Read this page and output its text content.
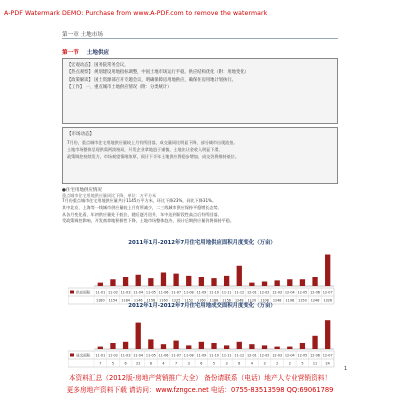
A-PDF Watermark DEMO: Purchase from www.A-PDF.com to remove the watermark
第一章 土地市场
第一节 土地供应
【宏观动态】 国务院常务会议，
【热点观察】 规划建设用地指标调整，中国土地市场运行平稳，供应结构优化（附：用地变化）
【政策解读】 国土资源部召开专题会议，明确保障房用地供应，确保住房用地计划执行。
【工作】 一、重点城市土地供应情况（附：分类统计）
【市场动态】
7月份，重点城市住宅用地供应量较上月有所回落，成交量同比明显下降，部分城市出现流拍。
土地市场整体呈现供需两淡格局，开发企业拿地趋于谨慎，土地出让金收入明显下滑，
政策调控持续发力，市场观望情绪浓厚，预计下半年土地供应将稳步增加，成交仍将维持低位。
●住宅用地供应情况
重点城市住宅用地供应量同比下降，单位：万平方米
7月份重点城市住宅用地供应量共计1145万平方米，环比下降23%，同比下降31%。
其中北京、上海等一线城市供应量较上月有所减少，二三线城市供应保持平稳增长态势。
从各月变化看，年初供应量处于低位，随后逐月回升，年中达到阶段性高点后有所回落，
受政策调控影响，开发商拿地积极性下降，土地市场整体趋冷，预计后期供应量仍将保持平稳。
2011年1月-2012年7月住宅用地供应面积月度变化（万亩）
供应面积 11-01
1180
11-02
1154
11-03
1184
11-04
1146
11-05
1156
11-06
1160
11-07
1225
11-08
1152
11-09
1160
11-10
1188
11-11
1156
11-12
1248
12-01
1120
12-02
1108
12-03
1248
12-04
1198
12-05
1150
12-06
1248
12-07
1326
2012年1月-2012年7月住宅用地成交面积月度变化（万亩）
成交面积 11-01
7
11-02
5
11-03
6
11-04
22
11-05
8
11-06
4
11-07
7
11-08
3
11-09
6
11-10
5
11-11
3
11-12
6
12-01
4
12-02
3
12-03
2
12-04
2
12-05
5
12-06
11
12-07
24
1
本资料汇总（2012版-房地产营销推广大全） 备份请联系（电话）地产人专业营销资料！
更多房地产资料下载 请访问：www.fzngce.net 电话：0755-83513598 QQ:69061789
